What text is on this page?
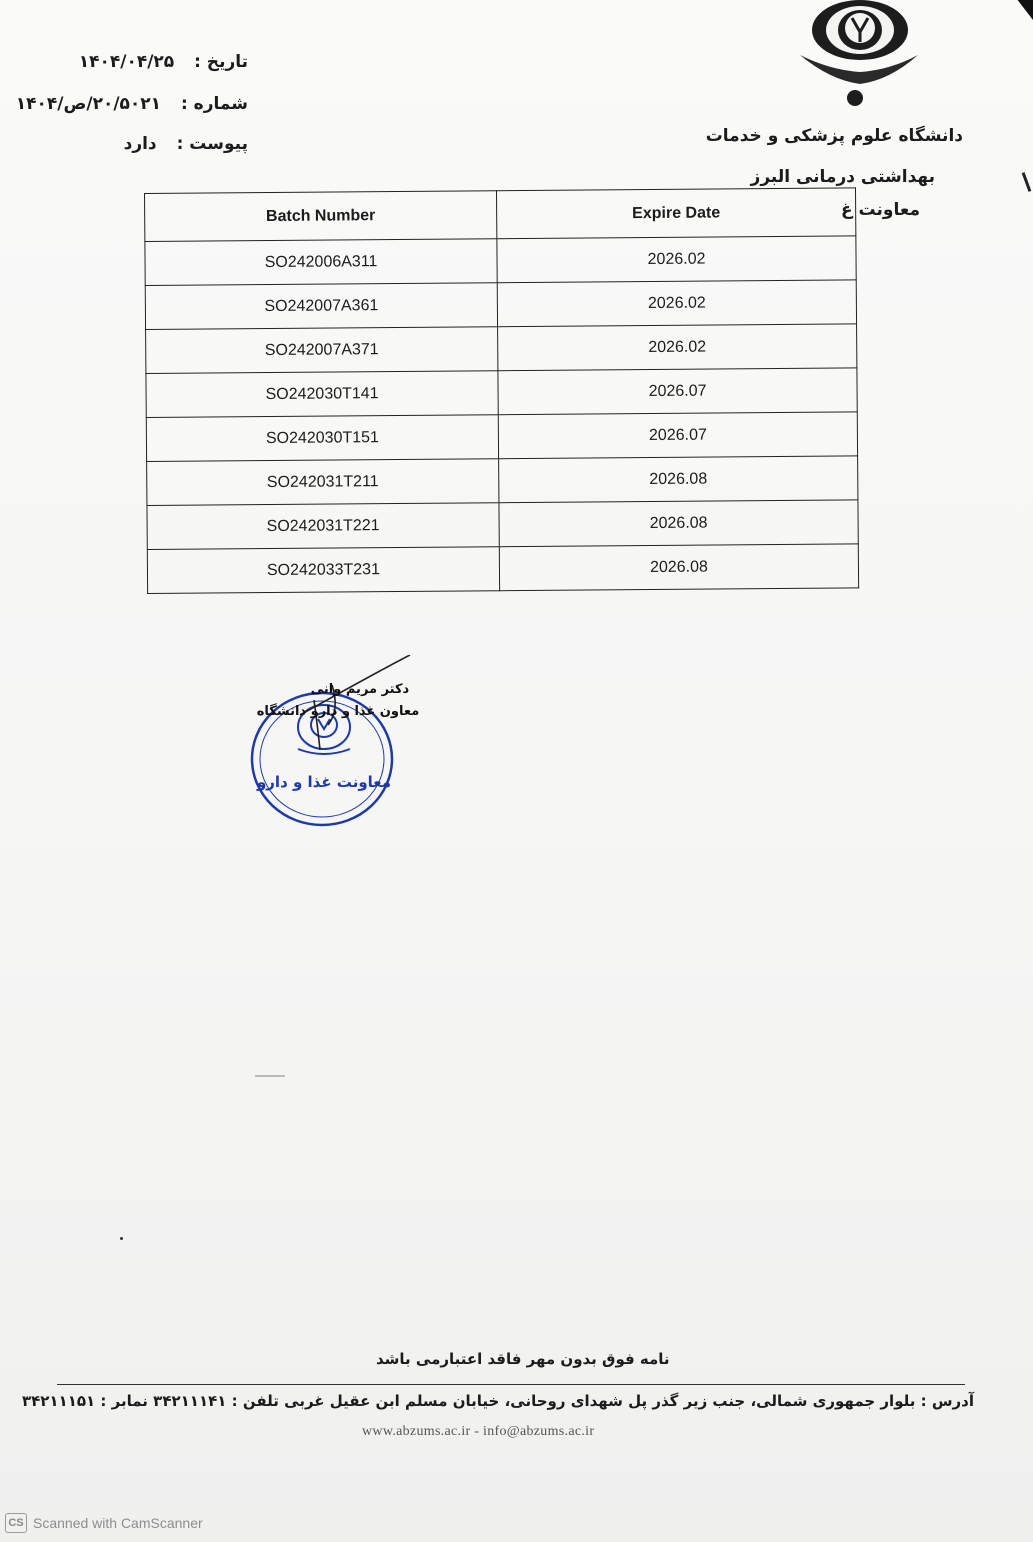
تاریخ : ۱۴۰۴/۰۴/۲۵
شماره : ۲۰/۵۰۲۱/ص/۱۴۰۴
پیوست : دارد	دانشگاه علوم پزشکی و خدمات
بهداشتی درمانی البرز
معاونت غ
Batch Number	Expire Date
SO242006A311	2026.02
SO242007A361	2026.02
SO242007A371	2026.02
SO242030T141	2026.07
SO242030T151	2026.07
SO242031T211	2026.08
SO242031T221	2026.08
SO242033T231	2026.08
معاونت غذا و دارو
دکتر مریم وانی
معاون غذا و دارو دانشگاه
نامه فوق بدون مهر فاقد اعتبارمی باشد
آدرس : بلوار جمهوری شمالی، جنب زیر گذر پل شهدای روحانی، خیابان مسلم ابن عقیل غربی تلفن : ۳۴۲۱۱۱۴۱ نمابر : ۳۴۲۱۱۱۵۱
www.abzums.ac.ir - info@abzums.ac.ir
CS Scanned with CamScanner
